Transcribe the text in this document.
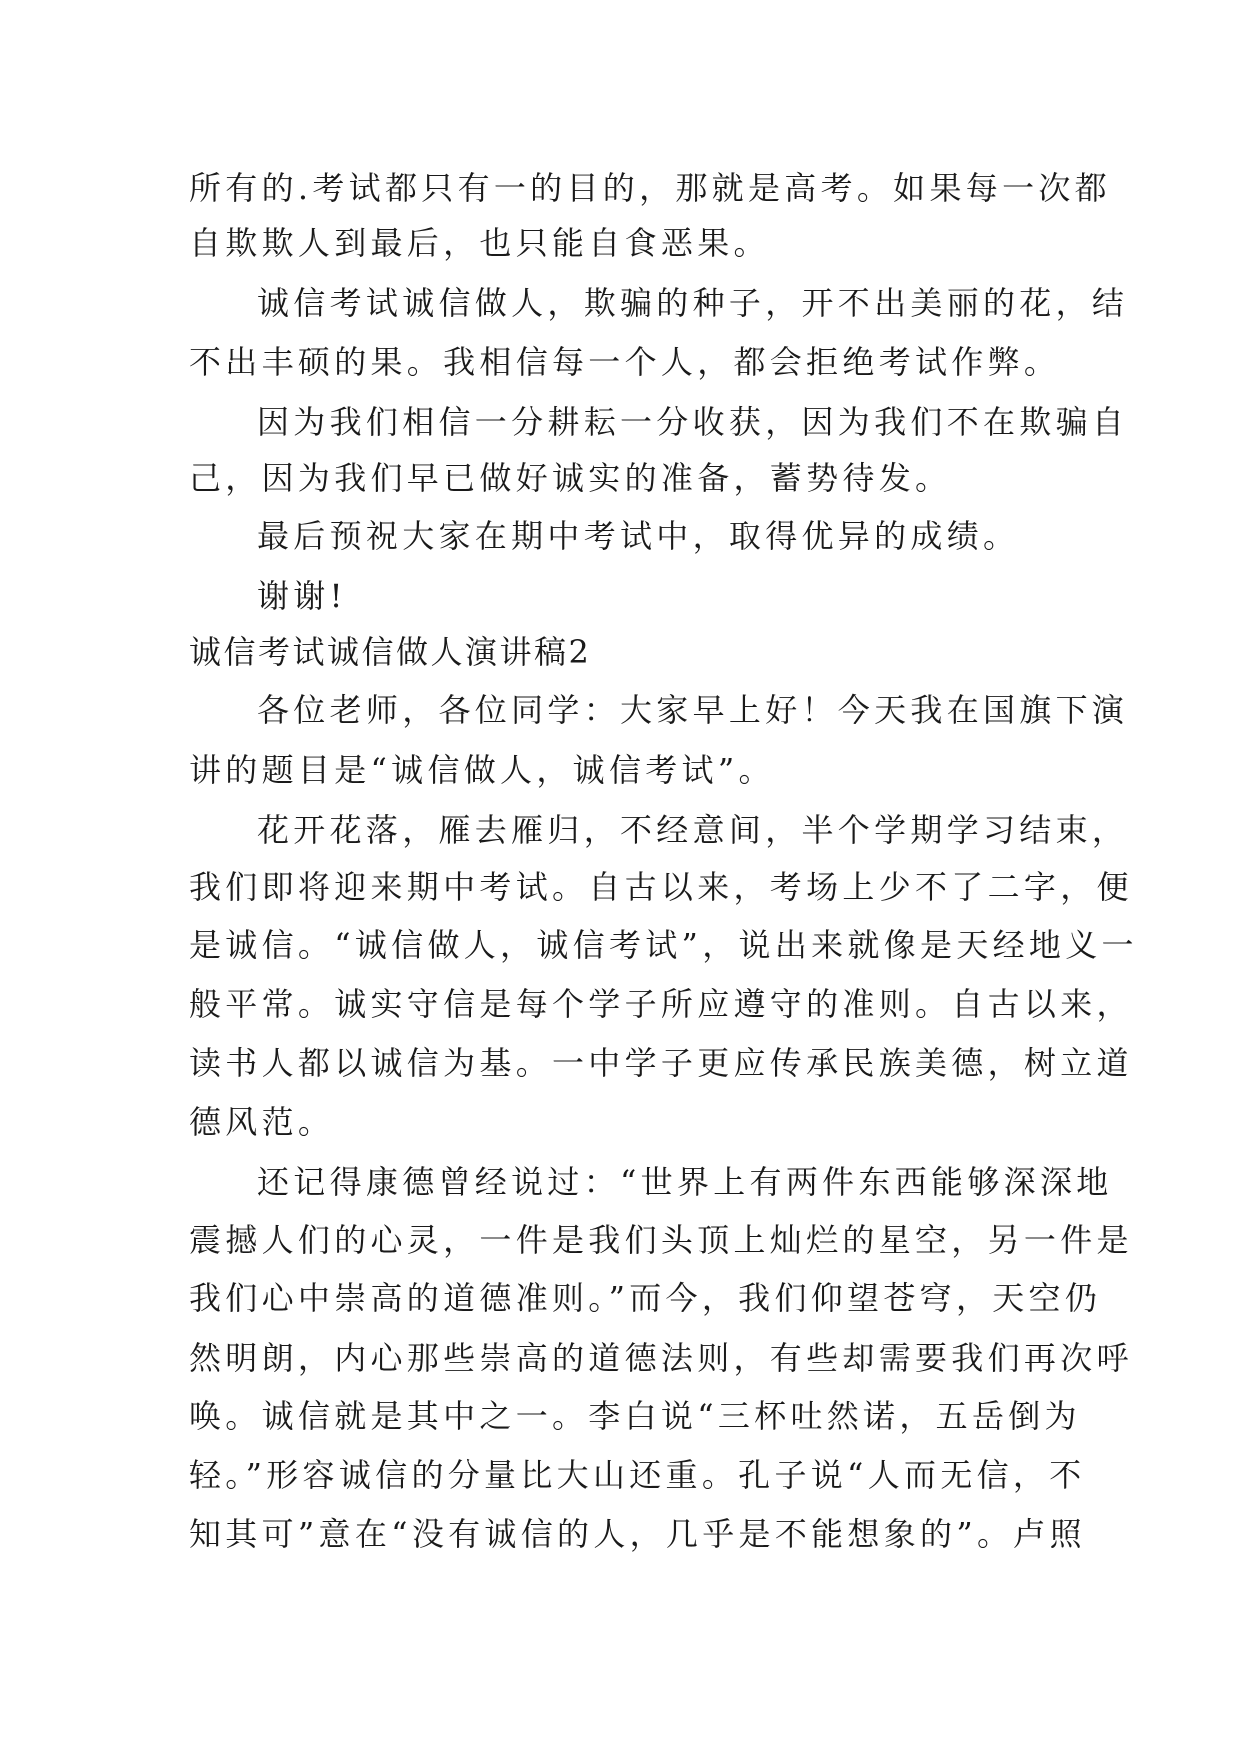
所有的.考试都只有一的目的，那就是高考。如果每一次都
自欺欺人到最后，也只能自食恶果。
诚信考试诚信做人，欺骗的种子，开不出美丽的花，结
不出丰硕的果。我相信每一个人，都会拒绝考试作弊。
因为我们相信一分耕耘一分收获，因为我们不在欺骗自
己，因为我们早已做好诚实的准备，蓄势待发。
最后预祝大家在期中考试中，取得优异的成绩。
谢谢!
诚信考试诚信做人演讲稿2
各位老师，各位同学：大家早上好！今天我在国旗下演
讲的题目是“诚信做人，诚信考试”。
花开花落，雁去雁归，不经意间，半个学期学习结束，
我们即将迎来期中考试。自古以来，考场上少不了二字，便
是诚信。“诚信做人，诚信考试”，说出来就像是天经地义一
般平常。诚实守信是每个学子所应遵守的准则。自古以来，
读书人都以诚信为基。一中学子更应传承民族美德，树立道
德风范。
还记得康德曾经说过：“世界上有两件东西能够深深地
震撼人们的心灵，一件是我们头顶上灿烂的星空，另一件是
我们心中崇高的道德准则。”而今，我们仰望苍穹，天空仍
然明朗，内心那些崇高的道德法则，有些却需要我们再次呼
唤。诚信就是其中之一。李白说“三杯吐然诺，五岳倒为
轻。”形容诚信的分量比大山还重。孔子说“人而无信，不
知其可”意在“没有诚信的人，几乎是不能想象的”。卢照
